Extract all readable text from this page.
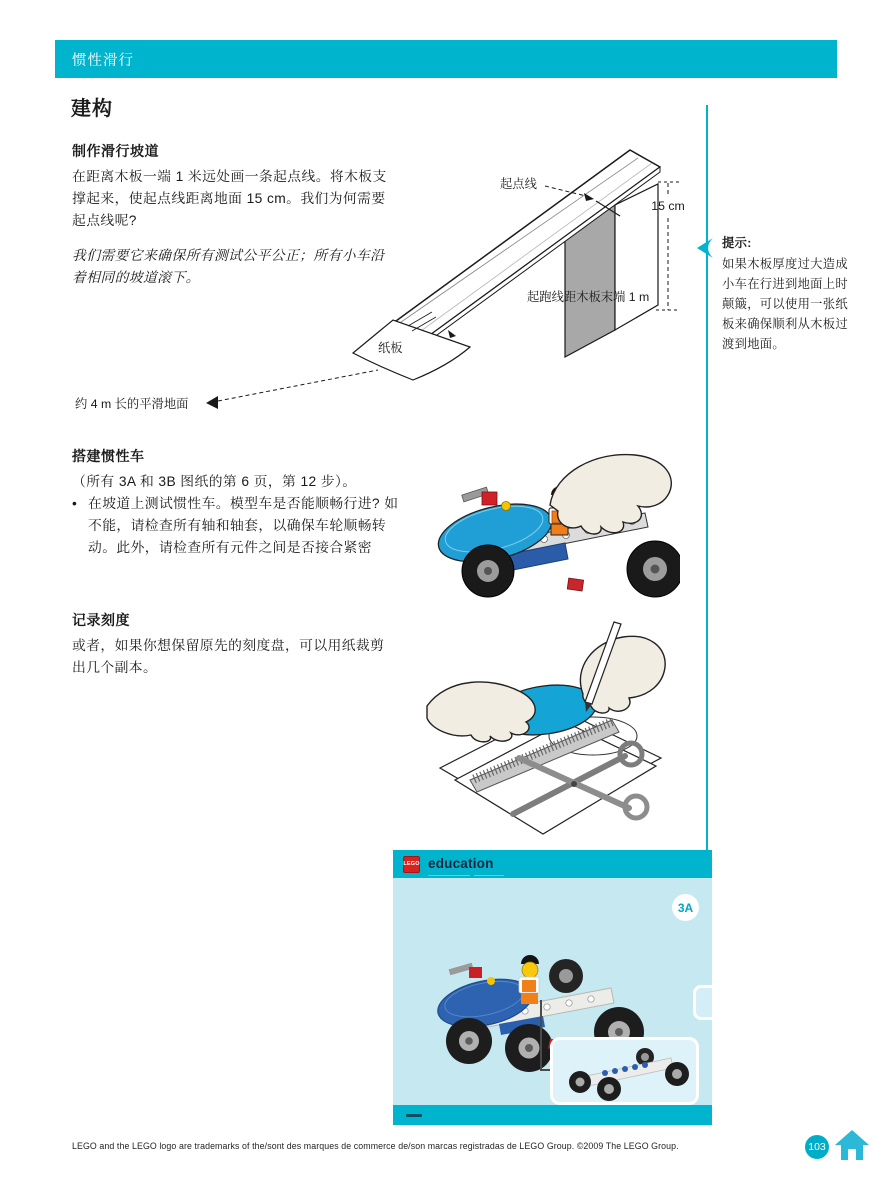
惯性滑行
建构
制作滑行坡道

在距离木板一端 1 米远处画一条起点线。将木板支撑起来，使起点线距离地面 15 cm。我们为何需要起点线呢?

我们需要它来确保所有测试公平公正；所有小车沿着相同的坡道滚下。

起点线
15 cm
起跑线距木板末端 1 m
纸板
约 4 m 长的平滑地面
提示:
如果木板厚度过大造成小车在行进到地面上时颠簸，可以使用一张纸板来确保顺利从木板过渡到地面。
搭建惯性车

（所有 3A 和 3B 图纸的第 6 页，第 12 步）。

• 在坡道上测试惯性车。模型车是否能顺畅行进? 如不能，请检查所有轴和轴套，以确保车轮顺畅转动。此外，请检查所有元件之间是否接合紧密
记录刻度

或者，如果你想保留原先的刻度盘，可以用纸裁剪出几个副本。

LEGO education
3A
LEGO and the LEGO logo are trademarks of the/sont des marques de commerce de/son marcas registradas de LEGO Group. ©2009 The LEGO Group.	103
